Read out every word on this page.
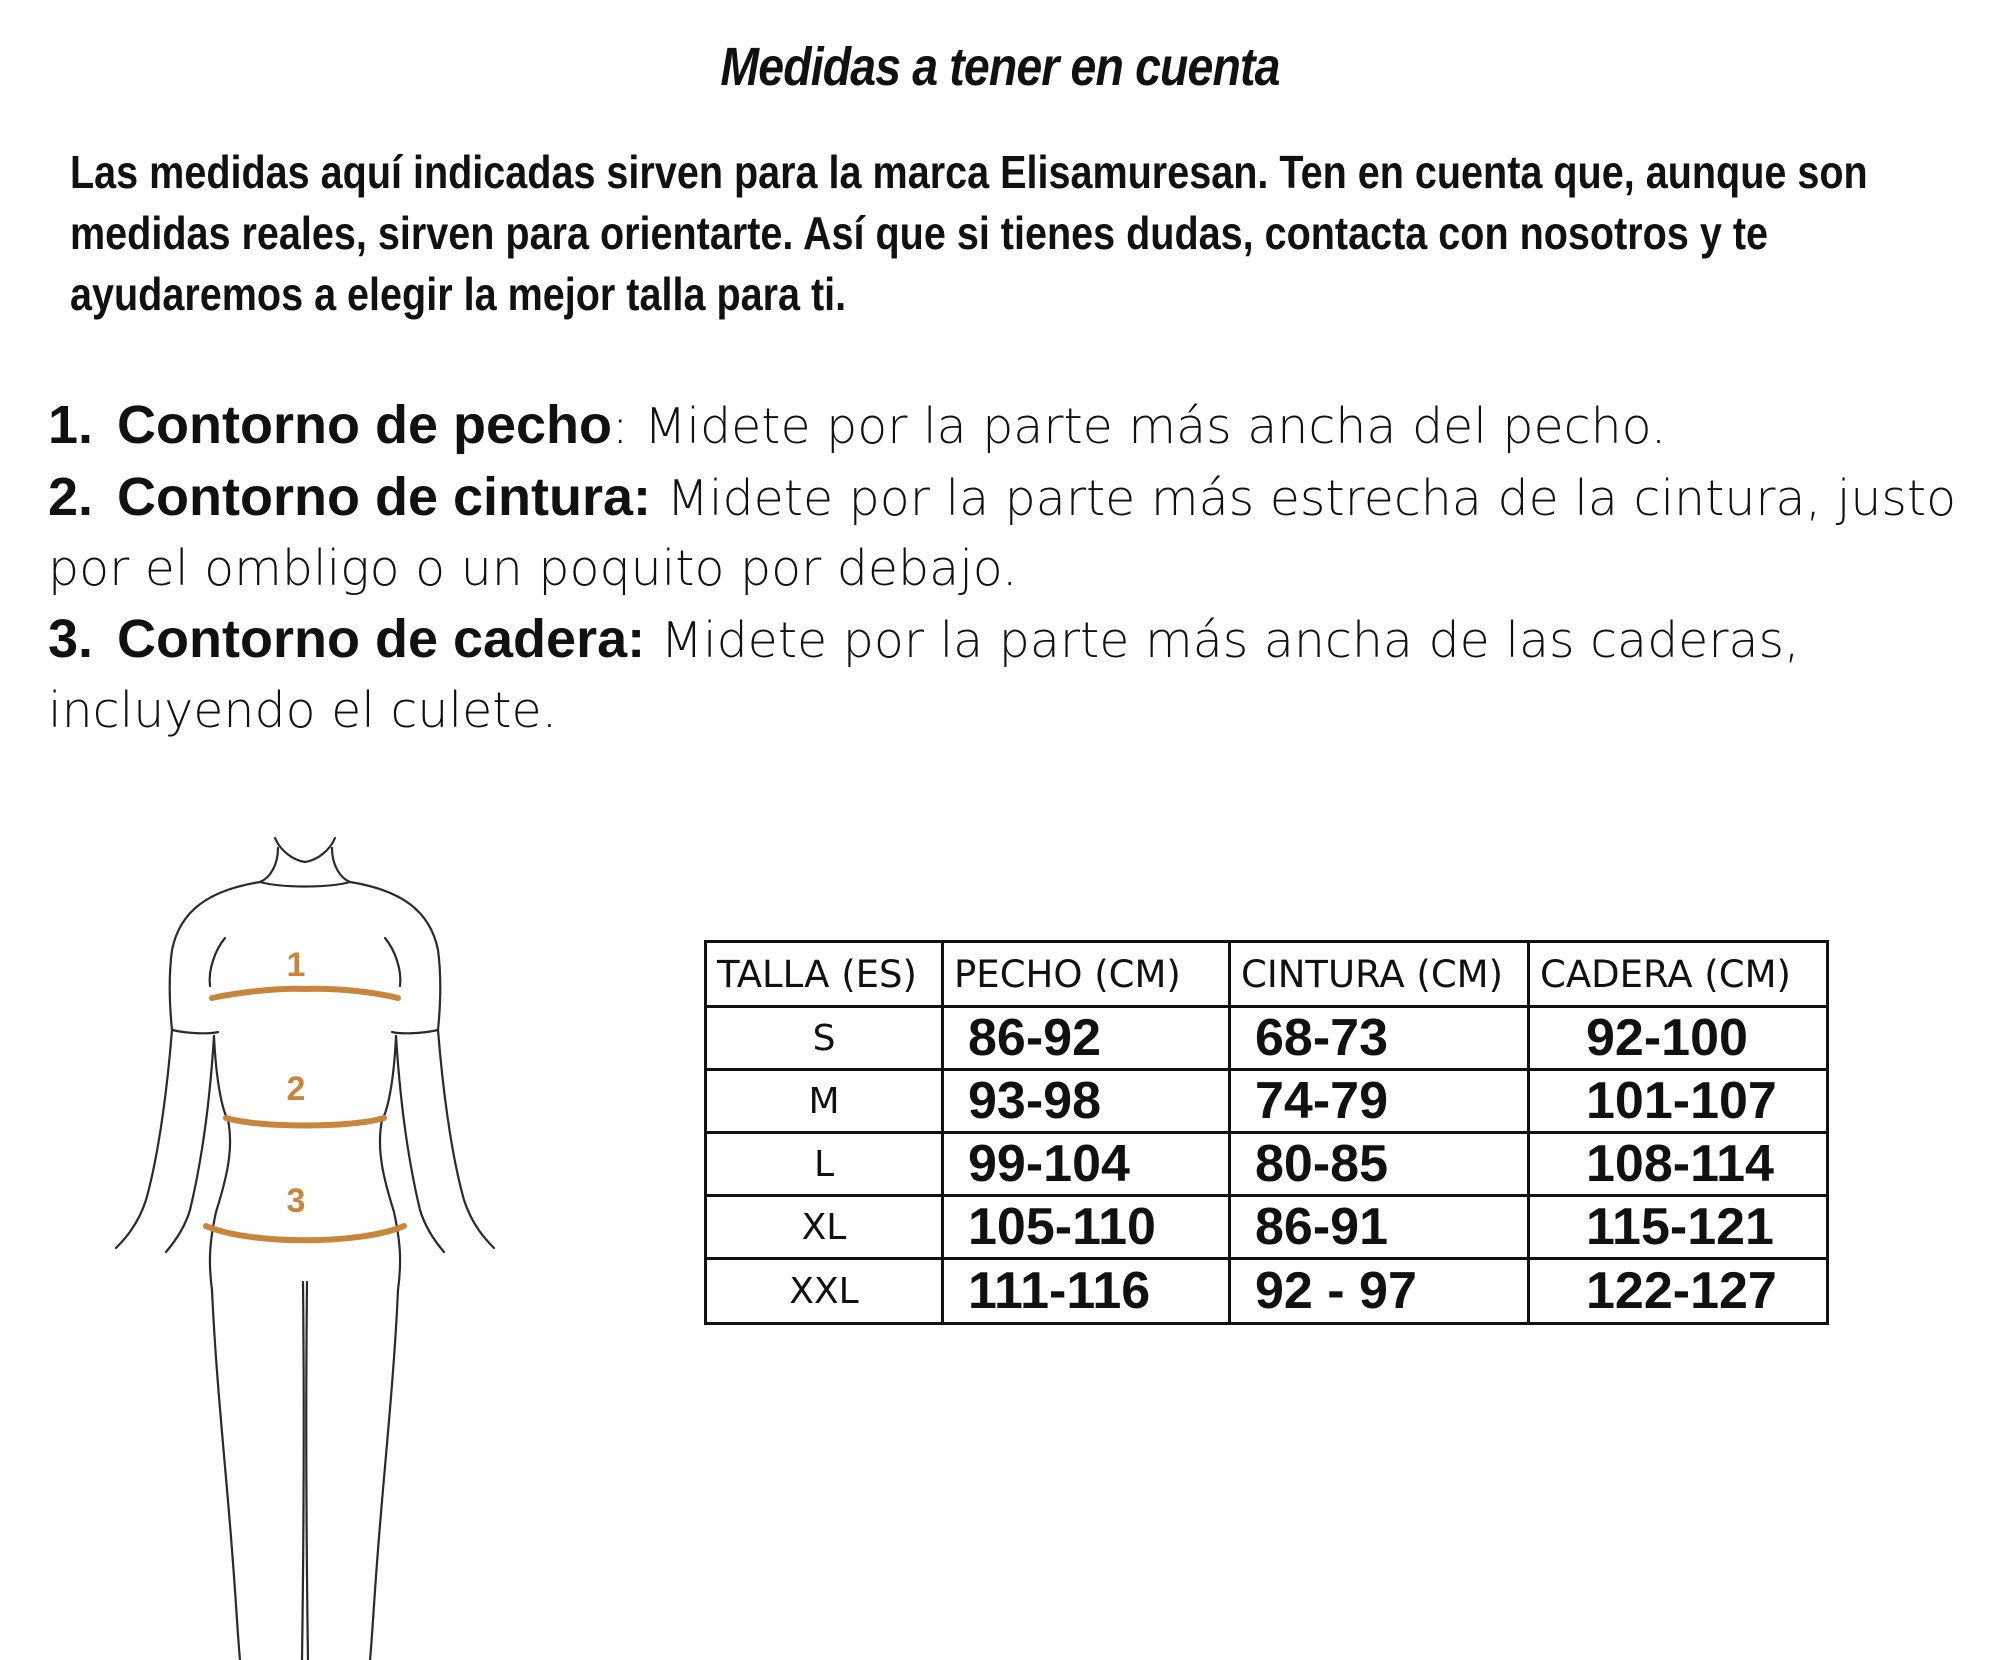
Medidas a tener en cuenta
Las medidas aquí indicadas sirven para la marca Elisamuresan. Ten en cuenta que, aunque son
medidas reales, sirven para orientarte. Así que si tienes dudas, contacta con nosotros y te
ayudaremos a elegir la mejor talla para ti.

1. Contorno de pecho: Midete por la parte más ancha del pecho.

2. Contorno de cintura: Midete por la parte más estrecha de la cintura, justo por el ombligo o un poquito por debajo.

3. Contorno de cadera: Midete por la parte más ancha de las caderas, incluyendo el culete.

1
2
3
TALLA (ES)	PECHO (CM)	CINTURA (CM)	CADERA (CM)
S	86-92	68-73	92-100
M	93-98	74-79	101-107
L	99-104	80-85	108-114
XL	105-110	86-91	115-121
XXL	111-116	92 - 97	122-127
